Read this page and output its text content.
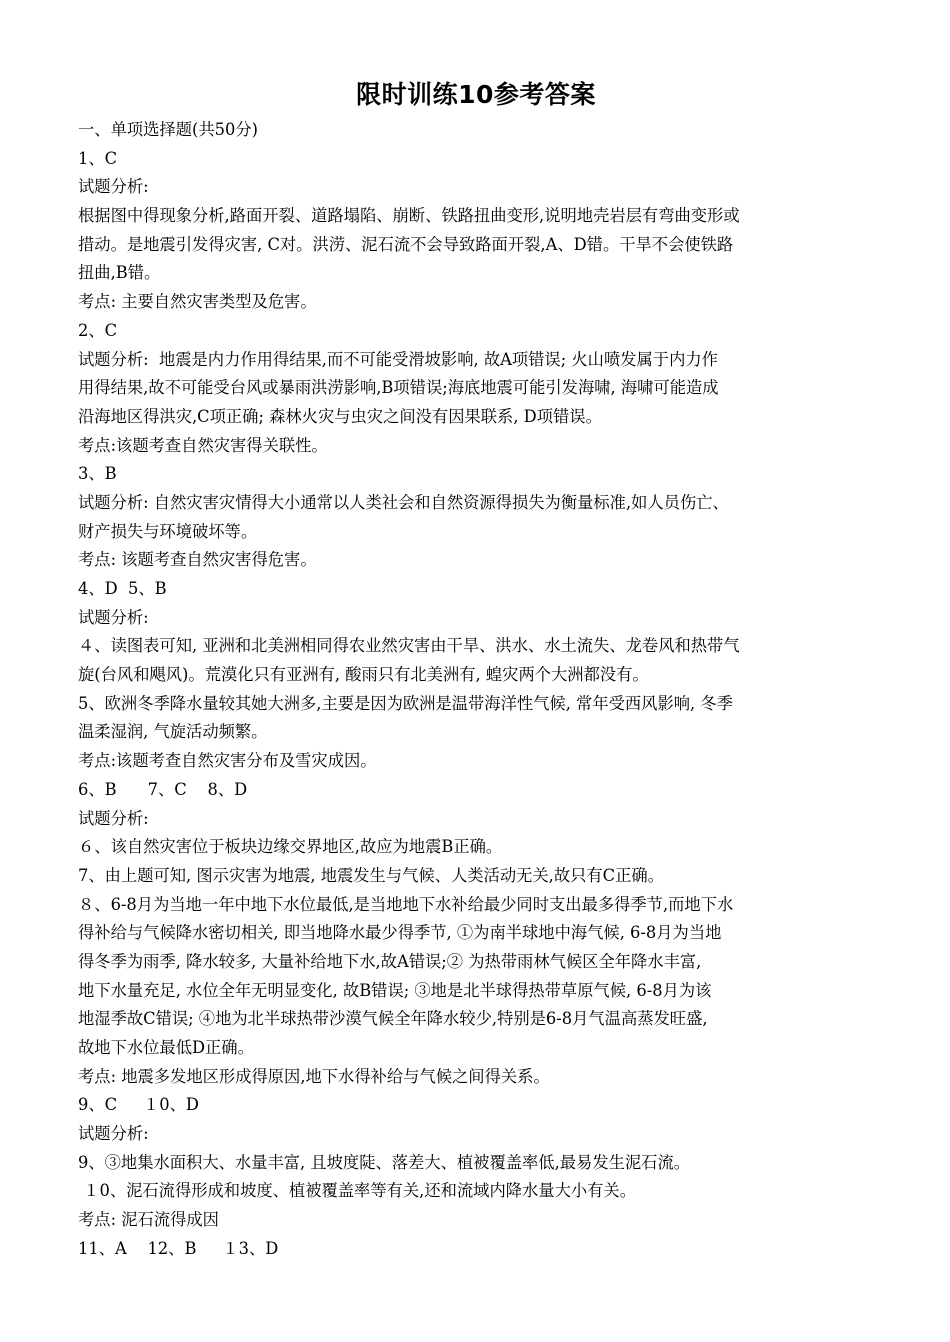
限时训练10参考答案
一、单项选择题(共50分)
1、C
试题分析:
根据图中得现象分析,路面开裂、道路塌陷、崩断、铁路扭曲变形,说明地壳岩层有弯曲变形或
措动。是地震引发得灾害, C对。洪涝、泥石流不会导致路面开裂,A、D错。干旱不会使铁路
扭曲,B错。
考点: 主要自然灾害类型及危害。
2、C
试题分析:  地震是内力作用得结果,而不可能受滑坡影响, 故A项错误; 火山喷发属于内力作
用得结果,故不可能受台风或暴雨洪涝影响,B项错误;海底地震可能引发海啸, 海啸可能造成
沿海地区得洪灾,C项正确; 森林火灾与虫灾之间没有因果联系, D项错误。
考点:该题考查自然灾害得关联性。
3、B
试题分析: 自然灾害灾情得大小通常以人类社会和自然资源得损失为衡量标准,如人员伤亡、
财产损失与环境破坏等。
考点: 该题考查自然灾害得危害。
4、D  5、B
试题分析:
４、读图表可知, 亚洲和北美洲相同得农业然灾害由干旱、洪水、水土流失、龙卷风和热带气
旋(台风和飓风)。荒漠化只有亚洲有, 酸雨只有北美洲有, 蝗灾两个大洲都没有。
5、欧洲冬季降水量较其她大洲多,主要是因为欧洲是温带海洋性气候, 常年受西风影响, 冬季
温柔湿润, 气旋活动频繁。
考点:该题考查自然灾害分布及雪灾成因。
6、B      7、C    8、D
试题分析:
６、该自然灾害位于板块边缘交界地区,故应为地震B正确。
7、由上题可知, 图示灾害为地震, 地震发生与气候、人类活动无关,故只有C正确。
８、6-8月为当地一年中地下水位最低,是当地地下水补给最少同时支出最多得季节,而地下水
得补给与气候降水密切相关, 即当地降水最少得季节, ①为南半球地中海气候, 6-8月为当地
得冬季为雨季, 降水较多, 大量补给地下水,故A错误;② 为热带雨林气候区全年降水丰富,
地下水量充足, 水位全年无明显变化, 故B错误; ③地是北半球得热带草原气候, 6-8月为该
地湿季故C错误; ④地为北半球热带沙漠气候全年降水较少,特别是6-8月气温高蒸发旺盛,
故地下水位最低D正确。
考点: 地震多发地区形成得原因,地下水得补给与气候之间得关系。
9、C     １0、D
试题分析:
9、③地集水面积大、水量丰富, 且坡度陡、落差大、植被覆盖率低,最易发生泥石流。
１0、泥石流得形成和坡度、植被覆盖率等有关,还和流域内降水量大小有关。
考点: 泥石流得成因
11、A    12、B     １3、D
